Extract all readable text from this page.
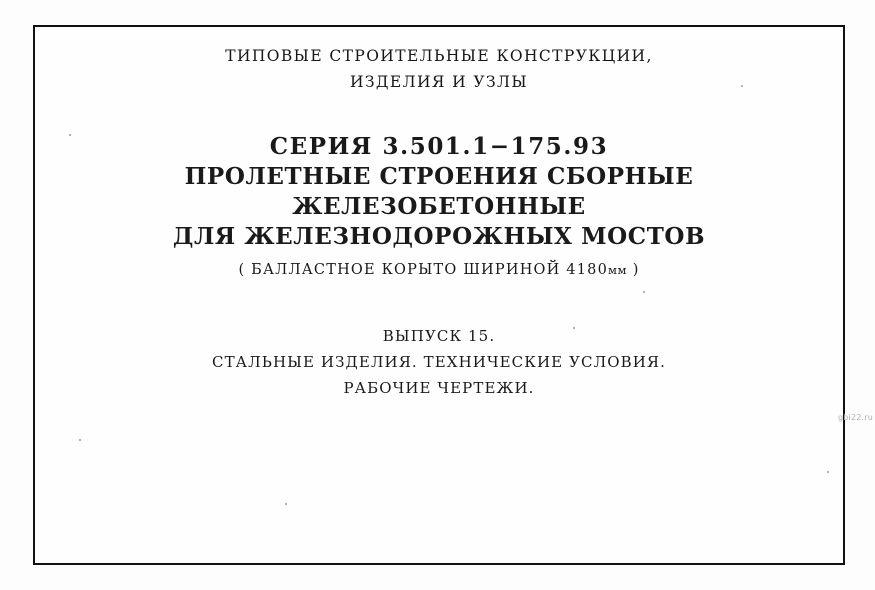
ТИПОВЫЕ СТРОИТЕЛЬНЫЕ КОНСТРУКЦИИ,
ИЗДЕЛИЯ И УЗЛЫ
СЕРИЯ 3.501.1−175.93
ПРОЛЕТНЫЕ СТРОЕНИЯ СБОРНЫЕ
ЖЕЛЕЗОБЕТОННЫЕ
ДЛЯ ЖЕЛЕЗНОДОРОЖНЫХ МОСТОВ
( БАЛЛАСТНОЕ КОРЫТО ШИРИНОЙ 4180мм )
ВЫПУСК 15.
СТАЛЬНЫЕ ИЗДЕЛИЯ. ТЕХНИЧЕСКИЕ УСЛОВИЯ.
РАБОЧИЕ ЧЕРТЕЖИ.
gbi22.ru
